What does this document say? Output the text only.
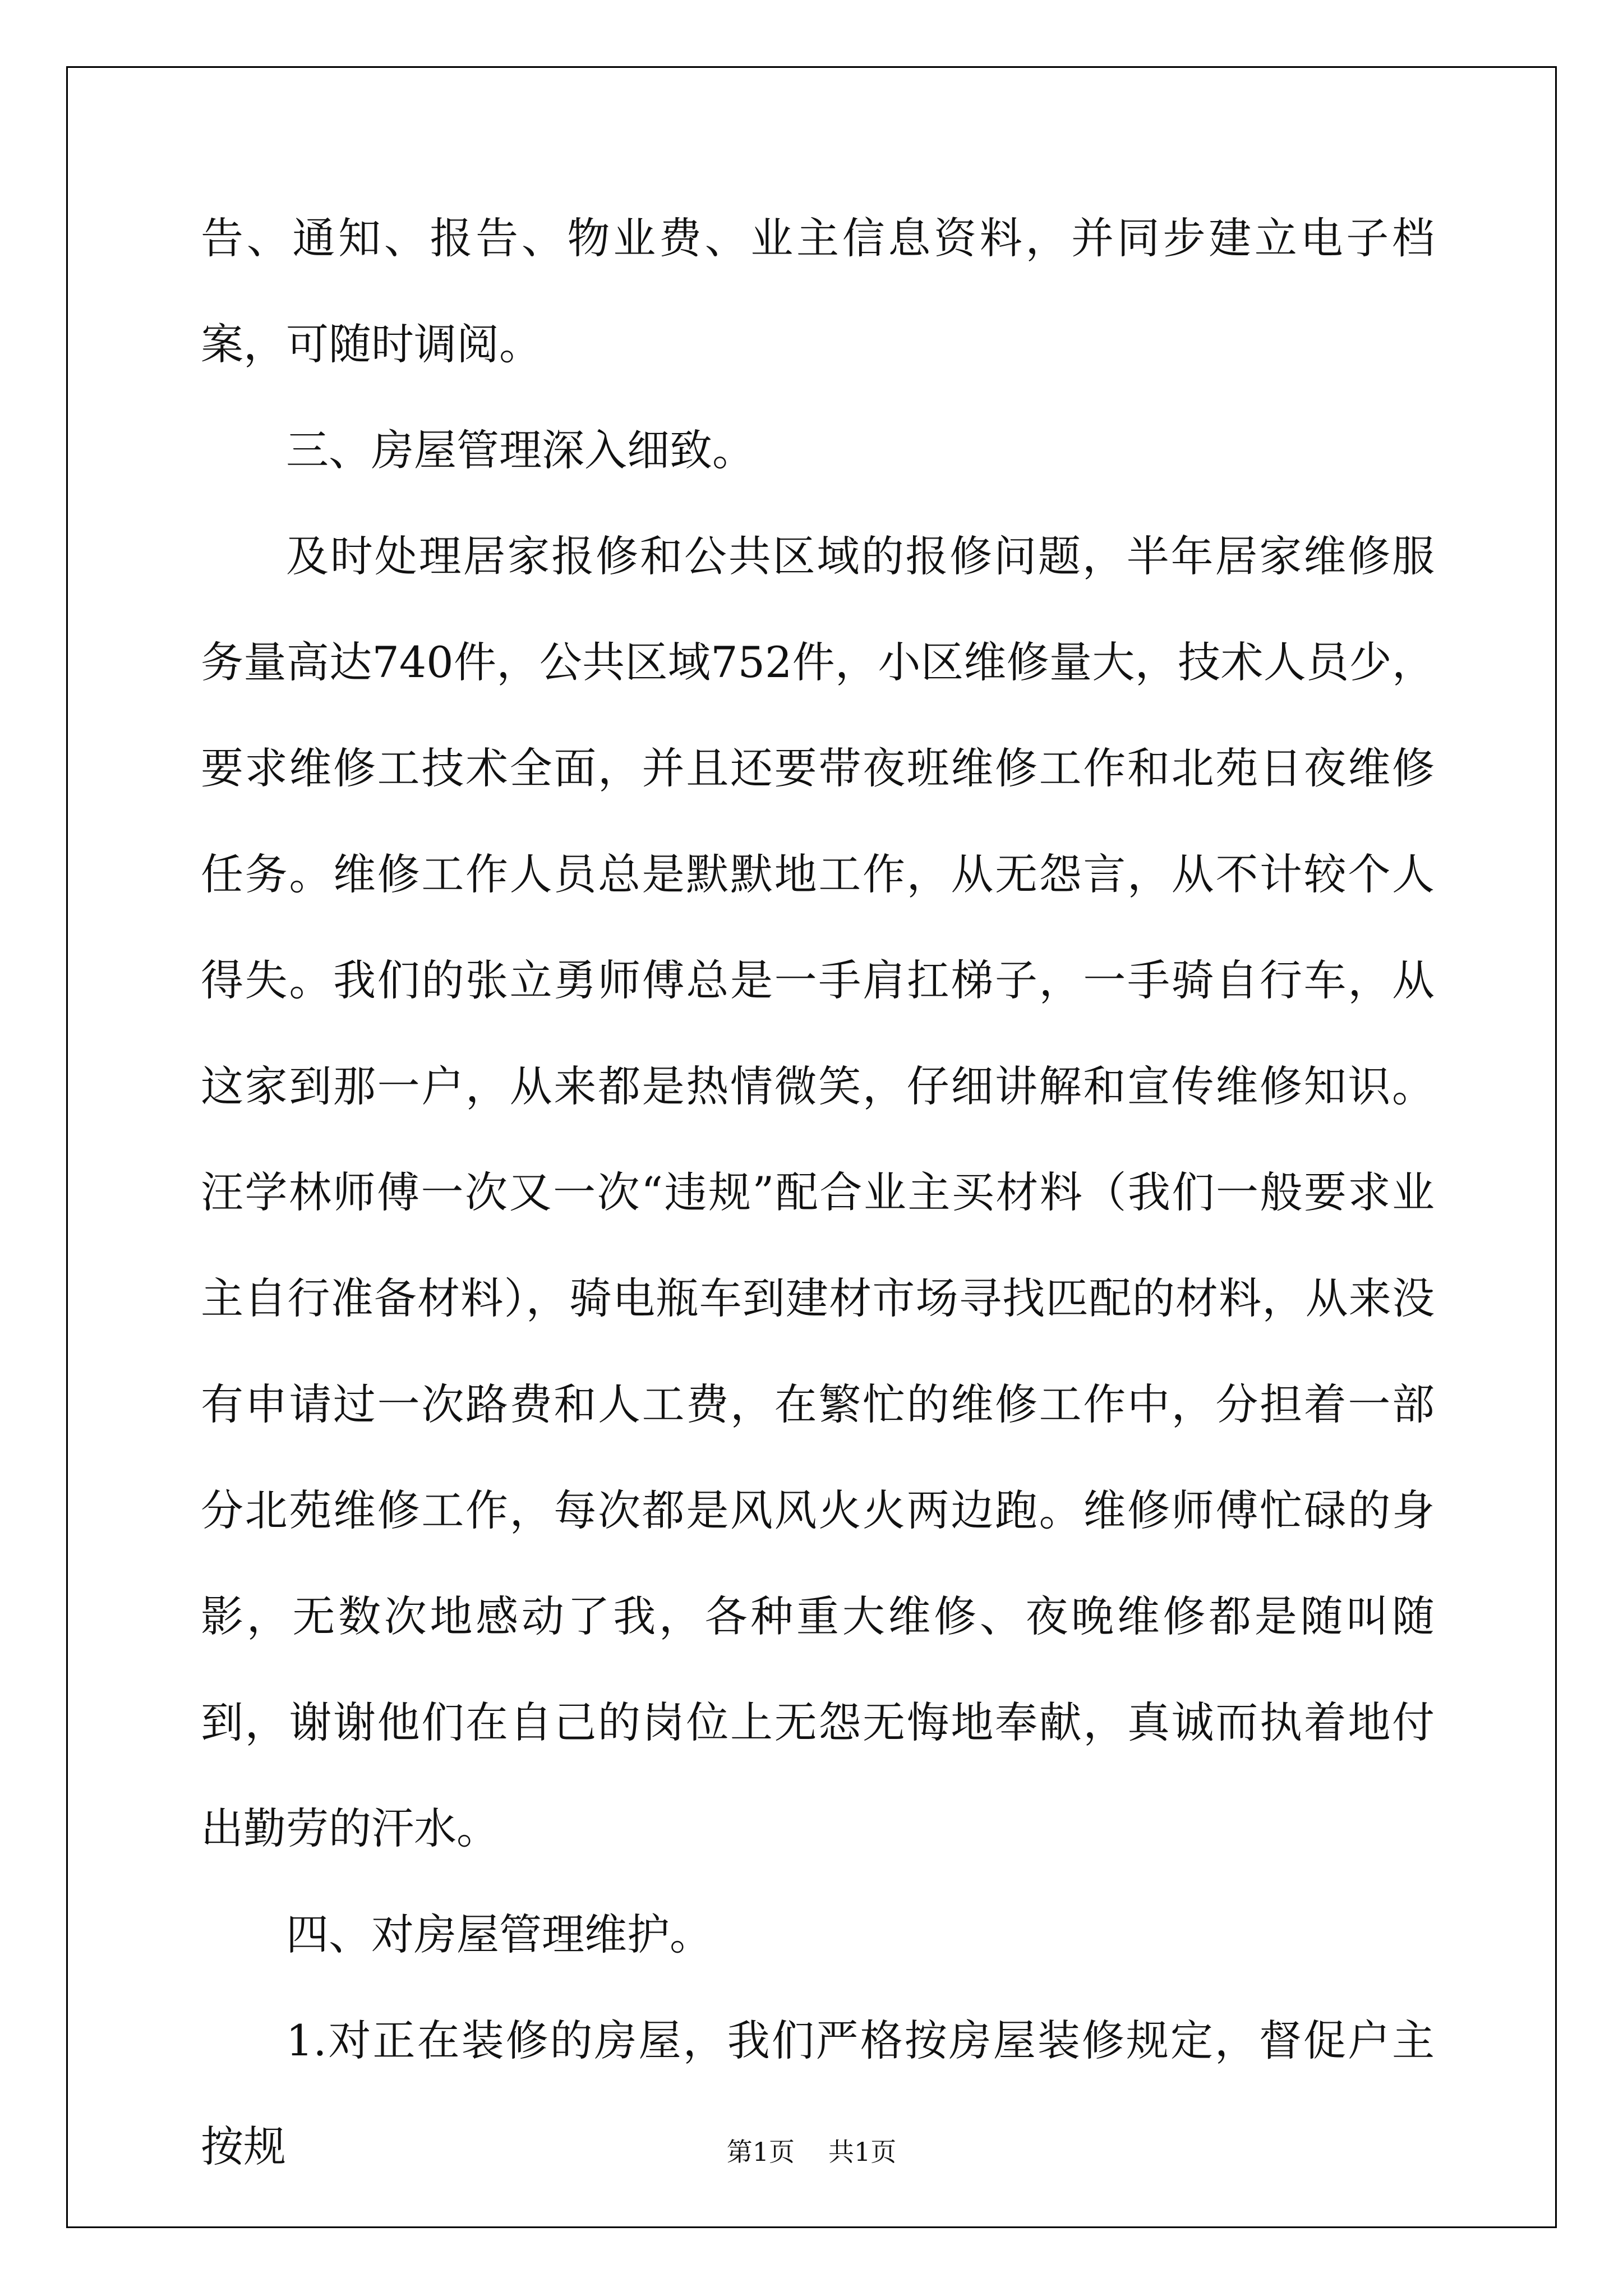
告、通知、报告、物业费、业主信息资料，并同步建立电子档案，可随时调阅。

三、房屋管理深入细致。

及时处理居家报修和公共区域的报修问题，半年居家维修服务量高达740件，公共区域752件，小区维修量大，技术人员少，要求维修工技术全面，并且还要带夜班维修工作和北苑日夜维修任务。维修工作人员总是默默地工作，从无怨言，从不计较个人得失。我们的张立勇师傅总是一手肩扛梯子，一手骑自行车，从这家到那一户，从来都是热情微笑，仔细讲解和宣传维修知识。汪学林师傅一次又一次“违规”配合业主买材料（我们一般要求业主自行准备材料），骑电瓶车到建材市场寻找匹配的材料，从来没有申请过一次路费和人工费，在繁忙的维修工作中，分担着一部分北苑维修工作，每次都是风风火火两边跑。维修师傅忙碌的身影，无数次地感动了我，各种重大维修、夜晚维修都是随叫随到，谢谢他们在自己的岗位上无怨无悔地奉献，真诚而执着地付出勤劳的汗水。

四、对房屋管理维护。

1.对正在装修的房屋，我们严格按房屋装修规定，督促户主按规	第1页 共1页
